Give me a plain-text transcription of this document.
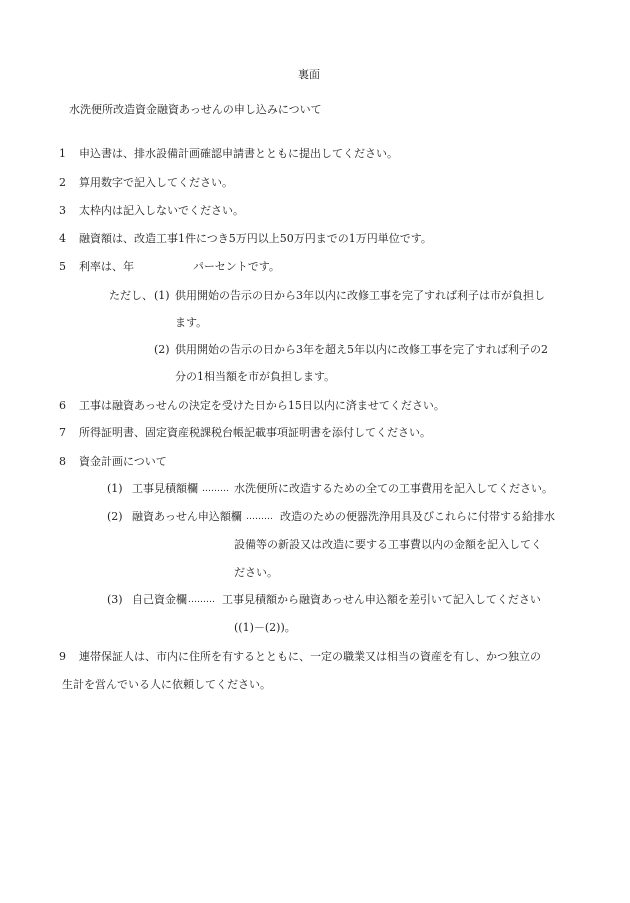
裏面
水洗便所改造資金融資あっせんの申し込みについて
1 申込書は、排水設備計画確認申請書とともに提出してください。
2 算用数字で記入してください。
3 太枠内は記入しないでください。
4 融資額は、改造工事1件につき5万円以上50万円までの1万円単位です。
5 利率は、年	パーセントです。
ただし、 (1) 供用開始の告示の日から3年以内に改修工事を完了すれば利子は市が負担し
ます。
(2) 供用開始の告示の日から3年を超え5年以内に改修工事を完了すれば利子の2
分の1相当額を市が負担します。
6 工事は融資あっせんの決定を受けた日から15日以内に済ませてください。
7 所得証明書、固定資産税課税台帳記載事項証明書を添付してください。
8 資金計画について
(1) 工事見積額欄 ……… 水洗便所に改造するための全ての工事費用を記入してください。
(2) 融資あっせん申込額欄 ……… 改造のための便器洗浄用具及びこれらに付帯する給排水
設備等の新設又は改造に要する工事費以内の金額を記入してく
ださい。
(3) 自己資金欄 ……… 工事見積額から融資あっせん申込額を差引いて記入してください
((1)－(2))。
9 連帯保証人は、市内に住所を有するとともに、一定の職業又は相当の資産を有し、かつ独立の
生計を営んでいる人に依頼してください。
